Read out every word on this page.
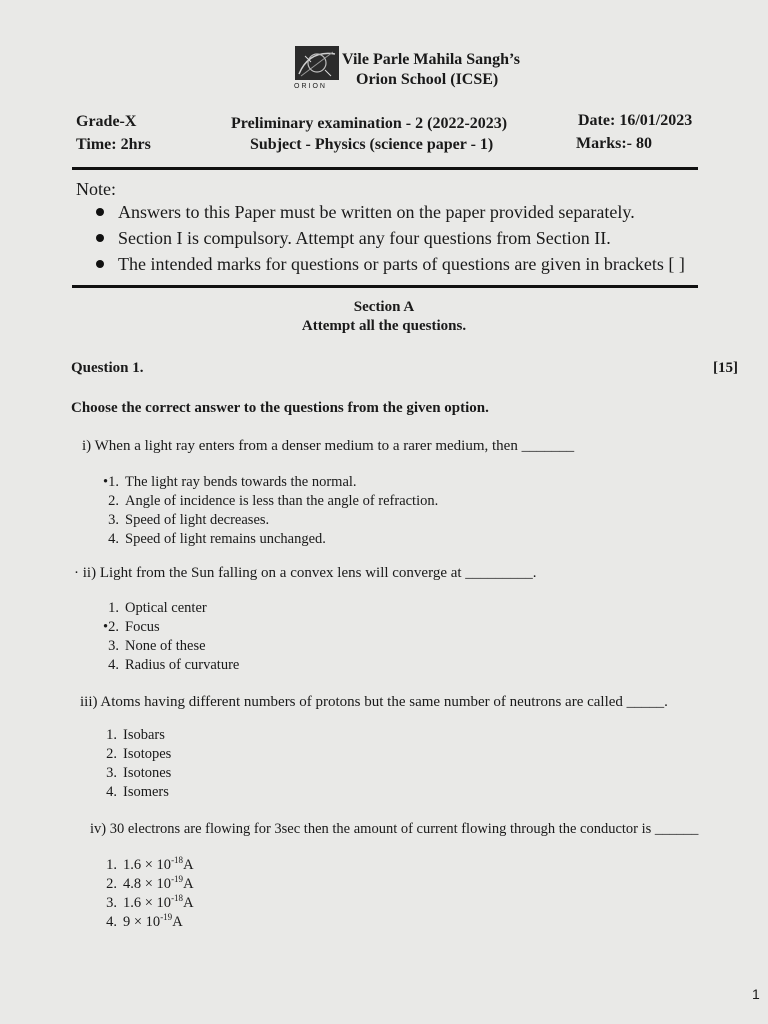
ORION
Vile Parle Mahila Sangh’s
Orion School (ICSE)
Grade-X
Time: 2hrs
Preliminary examination - 2 (2022-2023)
Subject - Physics (science paper - 1)
Date: 16/01/2023
Marks:- 80
Note:
Answers to this Paper must be written on the paper provided separately.
Section I is compulsory. Attempt any four questions from Section II.
The intended marks for questions or parts of questions are given in brackets [ ]
Section A
Attempt all the questions.
Question 1.	[15]
Choose the correct answer to the questions from the given option.
i) When a light ray enters from a denser medium to a rarer medium, then _______
•1. The light ray bends towards the normal.
2. Angle of incidence is less than the angle of refraction.
3. Speed of light decreases.
4. Speed of light remains unchanged.
· ii) Light from the Sun falling on a convex lens will converge at _________.
1. Optical center
•2. Focus
3. None of these
4. Radius of curvature
iii) Atoms having different numbers of protons but the same number of neutrons are called _____.
1. Isobars
2. Isotopes
3. Isotones
4. Isomers
iv) 30 electrons are flowing for 3sec then the amount of current flowing through the conductor is ______
1. $1.6 \times 10^{-18}A$
2. $4.8 \times 10^{-19}A$
3. $1.6 \times 10^{-18}A$
4. $9 \times 10^{-19}A$
1
